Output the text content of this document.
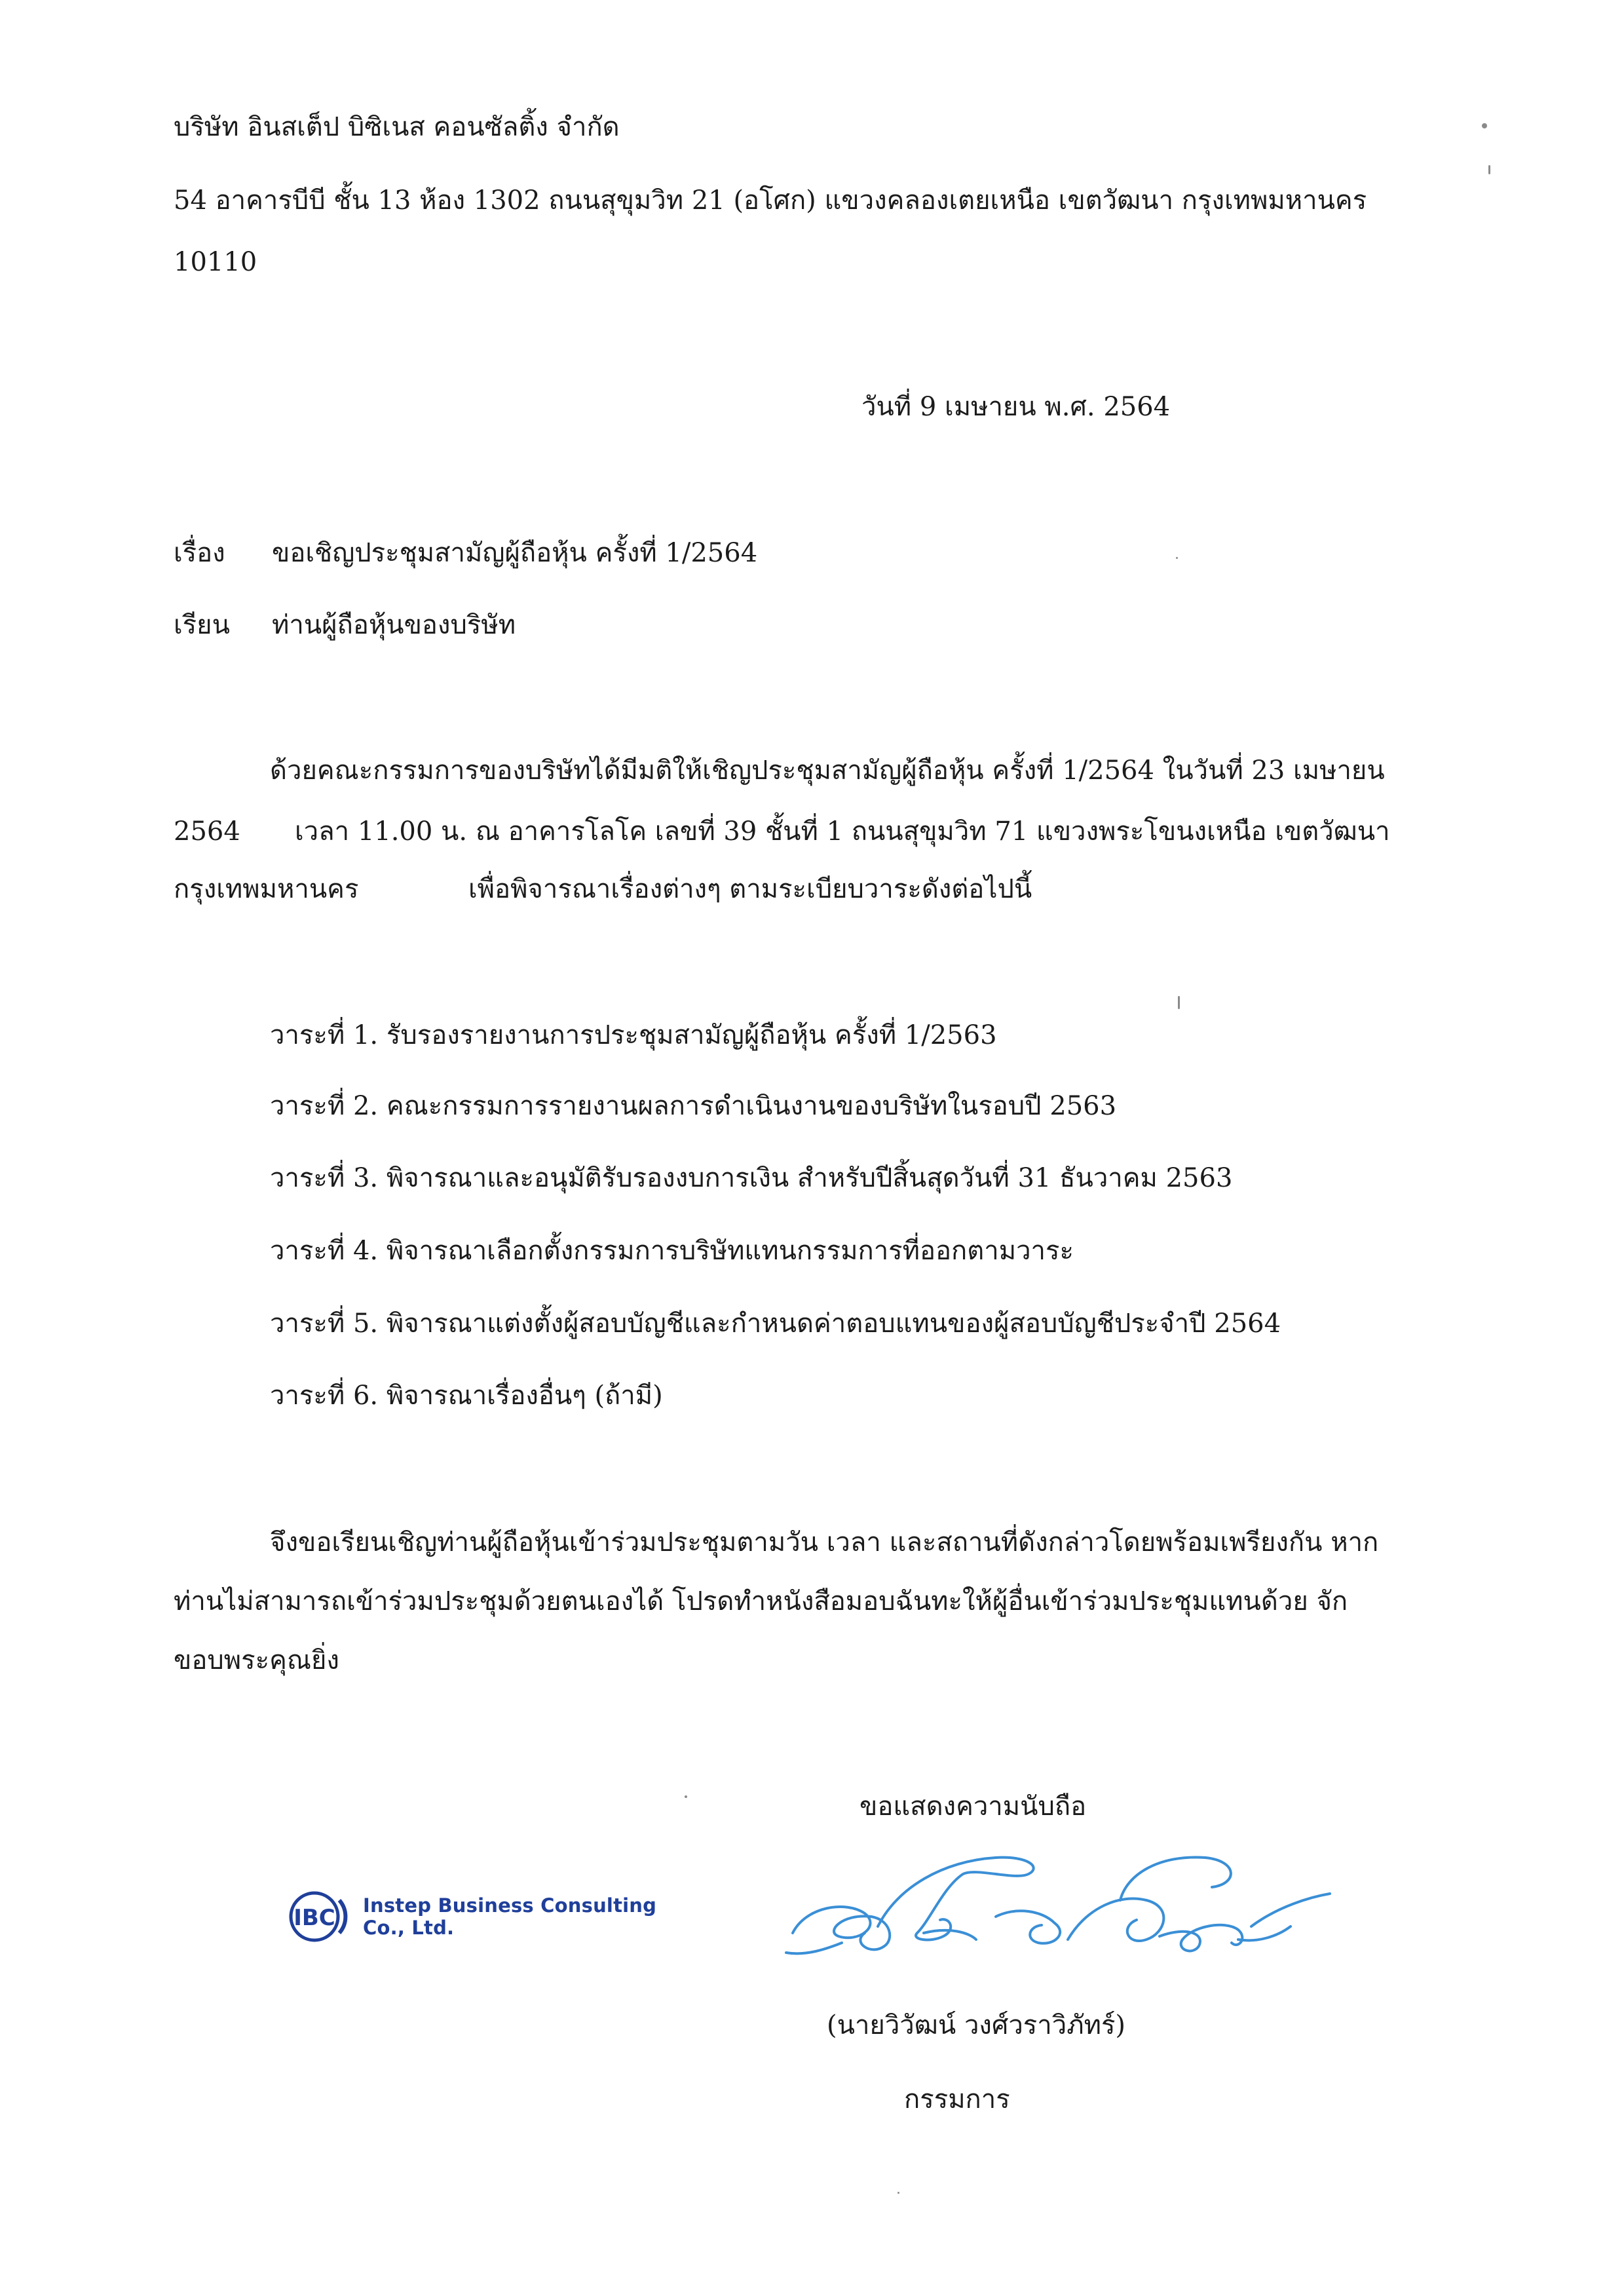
บริษัท อินสเต็ป บิซิเนส คอนซัลติ้ง จำกัด
54 อาคารบีบี ชั้น 13 ห้อง 1302 ถนนสุขุมวิท 21 (อโศก) แขวงคลองเตยเหนือ เขตวัฒนา กรุงเทพมหานคร
10110
วันที่ 9 เมษายน พ.ศ. 2564
เรื่อง ขอเชิญประชุมสามัญผู้ถือหุ้น ครั้งที่ 1/2564
เรียน ท่านผู้ถือหุ้นของบริษัท
ด้วยคณะกรรมการของบริษัทได้มีมติให้เชิญประชุมสามัญผู้ถือหุ้น ครั้งที่ 1/2564 ในวันที่ 23 เมษายน
2564 เวลา 11.00 น. ณ อาคารโลโค เลขที่ 39 ชั้นที่ 1 ถนนสุขุมวิท 71 แขวงพระโขนงเหนือ เขตวัฒนา
กรุงเทพมหานคร	เพื่อพิจารณาเรื่องต่างๆ ตามระเบียบวาระดังต่อไปนี้
วาระที่ 1. รับรองรายงานการประชุมสามัญผู้ถือหุ้น ครั้งที่ 1/2563
วาระที่ 2. คณะกรรมการรายงานผลการดำเนินงานของบริษัทในรอบปี 2563
วาระที่ 3. พิจารณาและอนุมัติรับรองงบการเงิน สำหรับปีสิ้นสุดวันที่ 31 ธันวาคม 2563
วาระที่ 4. พิจารณาเลือกตั้งกรรมการบริษัทแทนกรรมการที่ออกตามวาระ
วาระที่ 5. พิจารณาแต่งตั้งผู้สอบบัญชีและกำหนดค่าตอบแทนของผู้สอบบัญชีประจำปี 2564
วาระที่ 6. พิจารณาเรื่องอื่นๆ (ถ้ามี)
จึงขอเรียนเชิญท่านผู้ถือหุ้นเข้าร่วมประชุมตามวัน เวลา และสถานที่ดังกล่าวโดยพร้อมเพรียงกัน หาก
ท่านไม่สามารถเข้าร่วมประชุมด้วยตนเองได้ โปรดทำหนังสือมอบฉันทะให้ผู้อื่นเข้าร่วมประชุมแทนด้วย จัก
ขอบพระคุณยิ่ง
ขอแสดงความนับถือ
IBC Instep Business Consulting Co., Ltd.
(นายวิวัฒน์ วงศ์วราวิภัทร์)
กรรมการ
